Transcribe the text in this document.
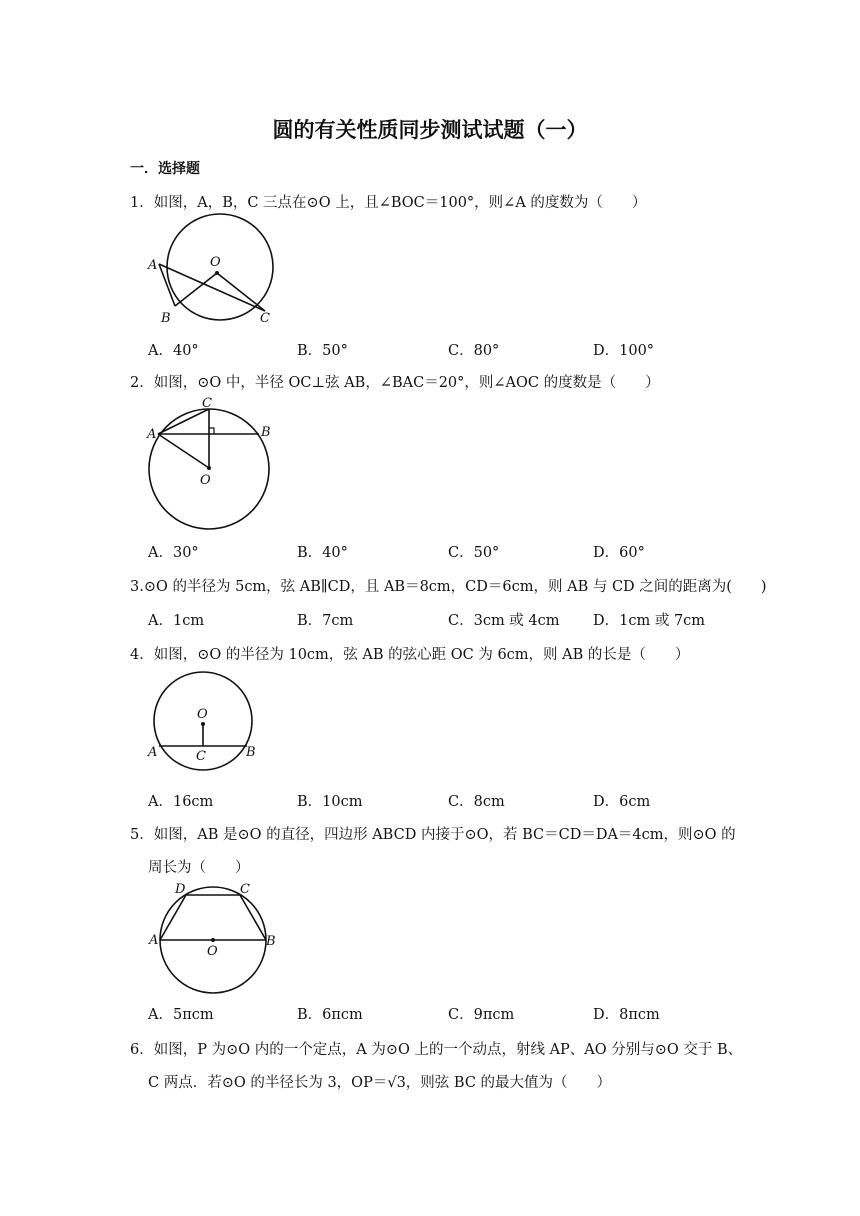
圆的有关性质同步测试试题（一）
一．选择题
1．如图，A，B，C 三点在⊙O 上，且∠BOC＝100°，则∠A 的度数为（　　）
A	O
B	C
A．40°	B．50°	C．80°	D．100°
2．如图，⊙O 中，半径 OC⊥弦 AB，∠BAC＝20°，则∠AOC 的度数是（　　）
C
A	B
O
A．30°	B．40°	C．50°	D．60°
3.⊙O 的半径为 5cm，弦 AB∥CD，且 AB＝8cm，CD＝6cm，则 AB 与 CD 之间的距离为(　　)
A．1cm	B．7cm	C．3cm 或 4cm D．1cm 或 7cm
4．如图，⊙O 的半径为 10cm，弦 AB 的弦心距 OC 为 6cm，则 AB 的长是（　　）
O
A	C	B
A．16cm	B．10cm	C．8cm	D．6cm
5．如图，AB 是⊙O 的直径，四边形 ABCD 内接于⊙O，若 BC＝CD＝DA＝4cm，则⊙O 的
周长为（　　）
D	C
A
O
B
A．5πcm	B．6πcm	C．9πcm	D．8πcm
6．如图，P 为⊙O 内的一个定点，A 为⊙O 上的一个动点，射线 AP、AO 分别与⊙O 交于 B、
C 两点．若⊙O 的半径长为 3，OP＝√3，则弦 BC 的最大值为（　　）
